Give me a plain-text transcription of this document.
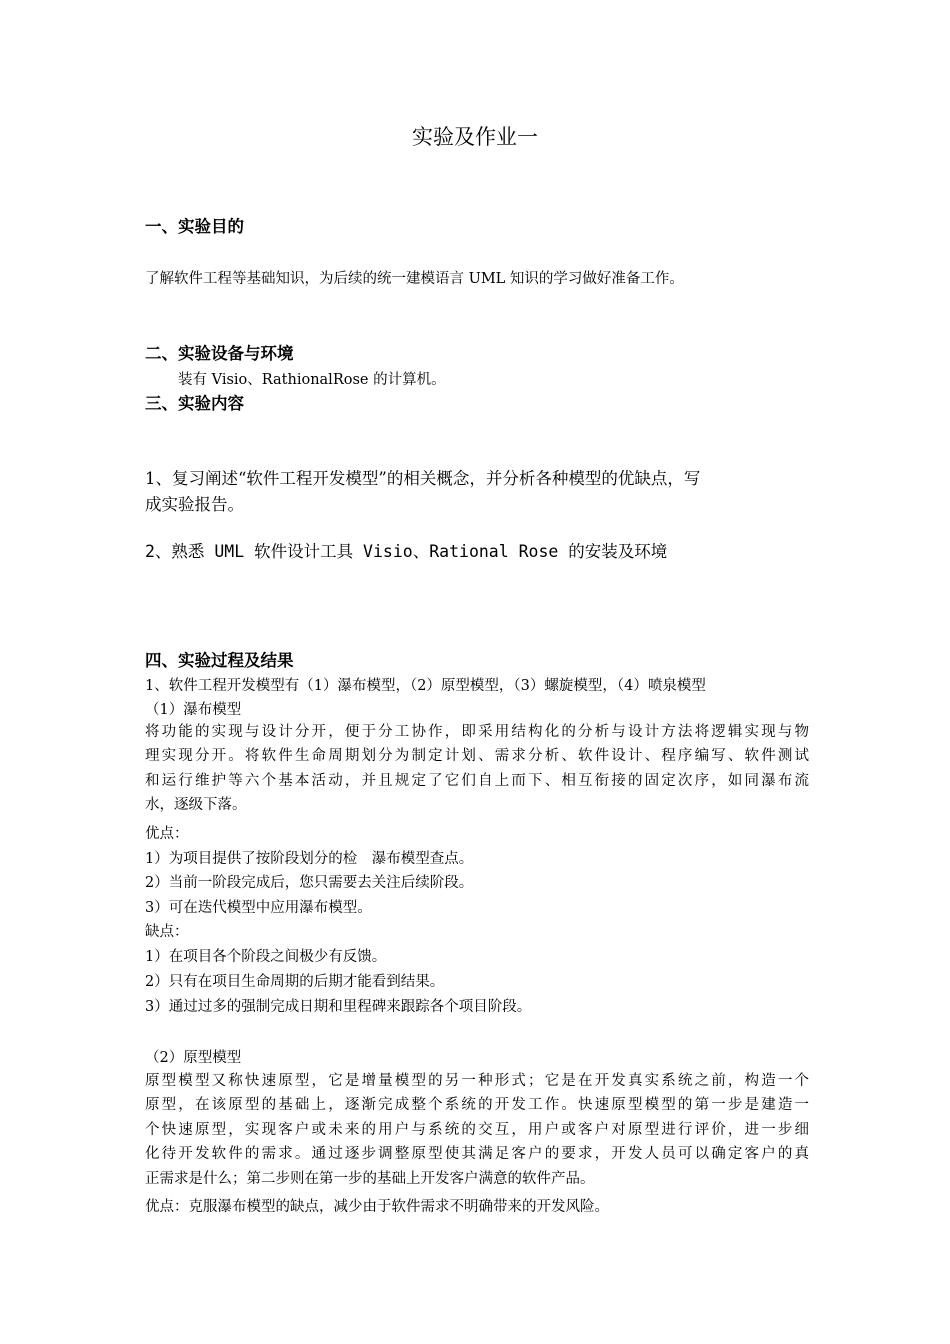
实验及作业一
一、实验目的
了解软件工程等基础知识，为后续的统一建模语言 UML 知识的学习做好准备工作。
二、实验设备与环境
装有 Visio、RathionalRose 的计算机。
三、实验内容
1、复习阐述“软件工程开发模型”的相关概念，并分析各种模型的优缺点，写
成实验报告。
2、熟悉 UML 软件设计工具 Visio、Rational Rose 的安装及环境
四、实验过程及结果
1、软件工程开发模型有（1）瀑布模型，（2）原型模型，（3）螺旋模型，（4）喷泉模型
（1）瀑布模型
将功能的实现与设计分开，便于分工协作，即采用结构化的分析与设计方法将逻辑实现与物
理实现分开。将软件生命周期划分为制定计划、需求分析、软件设计、程序编写、软件测试
和运行维护等六个基本活动，并且规定了它们自上而下、相互衔接的固定次序，如同瀑布流
水，逐级下落。
优点：
1）为项目提供了按阶段划分的检　瀑布模型查点。
2）当前一阶段完成后，您只需要去关注后续阶段。
3）可在迭代模型中应用瀑布模型。
缺点：
1）在项目各个阶段之间极少有反馈。
2）只有在项目生命周期的后期才能看到结果。
3）通过过多的强制完成日期和里程碑来跟踪各个项目阶段。
（2）原型模型
原型模型又称快速原型，它是增量模型的另一种形式；它是在开发真实系统之前，构造一个
原型，在该原型的基础上，逐渐完成整个系统的开发工作。快速原型模型的第一步是建造一
个快速原型，实现客户或未来的用户与系统的交互，用户或客户对原型进行评价，进一步细
化待开发软件的需求。通过逐步调整原型使其满足客户的要求，开发人员可以确定客户的真
正需求是什么；第二步则在第一步的基础上开发客户满意的软件产品。
优点：克服瀑布模型的缺点，减少由于软件需求不明确带来的开发风险。
